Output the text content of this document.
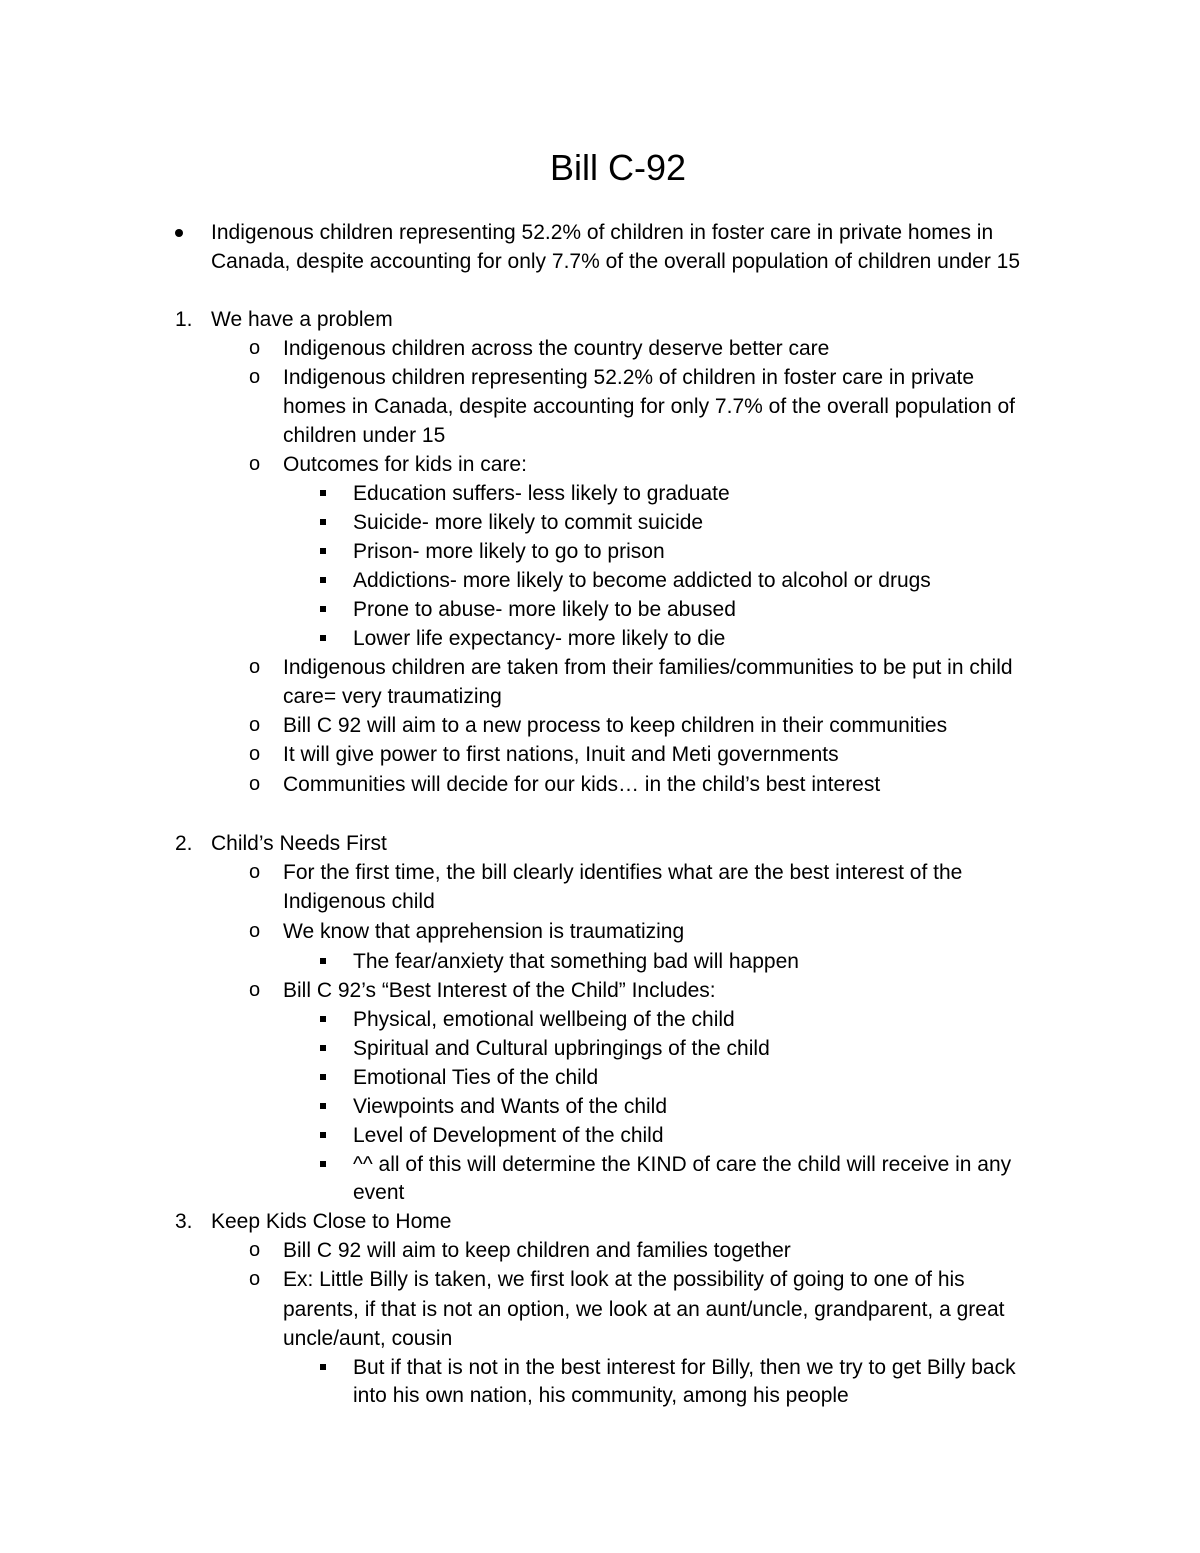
Bill C-92
Indigenous children representing 52.2% of children in foster care in private homes in
Canada, despite accounting for only 7.7% of the overall population of children under 15
1. We have a problem
o Indigenous children across the country deserve better care
o Indigenous children representing 52.2% of children in foster care in private
homes in Canada, despite accounting for only 7.7% of the overall population of
children under 15
o Outcomes for kids in care:
Education suffers- less likely to graduate
Suicide- more likely to commit suicide
Prison- more likely to go to prison
Addictions- more likely to become addicted to alcohol or drugs
Prone to abuse- more likely to be abused
Lower life expectancy- more likely to die
o Indigenous children are taken from their families/communities to be put in child
care= very traumatizing
o Bill C 92 will aim to a new process to keep children in their communities
o It will give power to first nations, Inuit and Meti governments
o Communities will decide for our kids… in the child’s best interest
2. Child’s Needs First
o For the first time, the bill clearly identifies what are the best interest of the
Indigenous child
o We know that apprehension is traumatizing
The fear/anxiety that something bad will happen
o Bill C 92’s “Best Interest of the Child” Includes:
Physical, emotional wellbeing of the child
Spiritual and Cultural upbringings of the child
Emotional Ties of the child
Viewpoints and Wants of the child
Level of Development of the child
^^ all of this will determine the KIND of care the child will receive in any
event
3. Keep Kids Close to Home
o Bill C 92 will aim to keep children and families together
o Ex: Little Billy is taken, we first look at the possibility of going to one of his
parents, if that is not an option, we look at an aunt/uncle, grandparent, a great
uncle/aunt, cousin
But if that is not in the best interest for Billy, then we try to get Billy back
into his own nation, his community, among his people
